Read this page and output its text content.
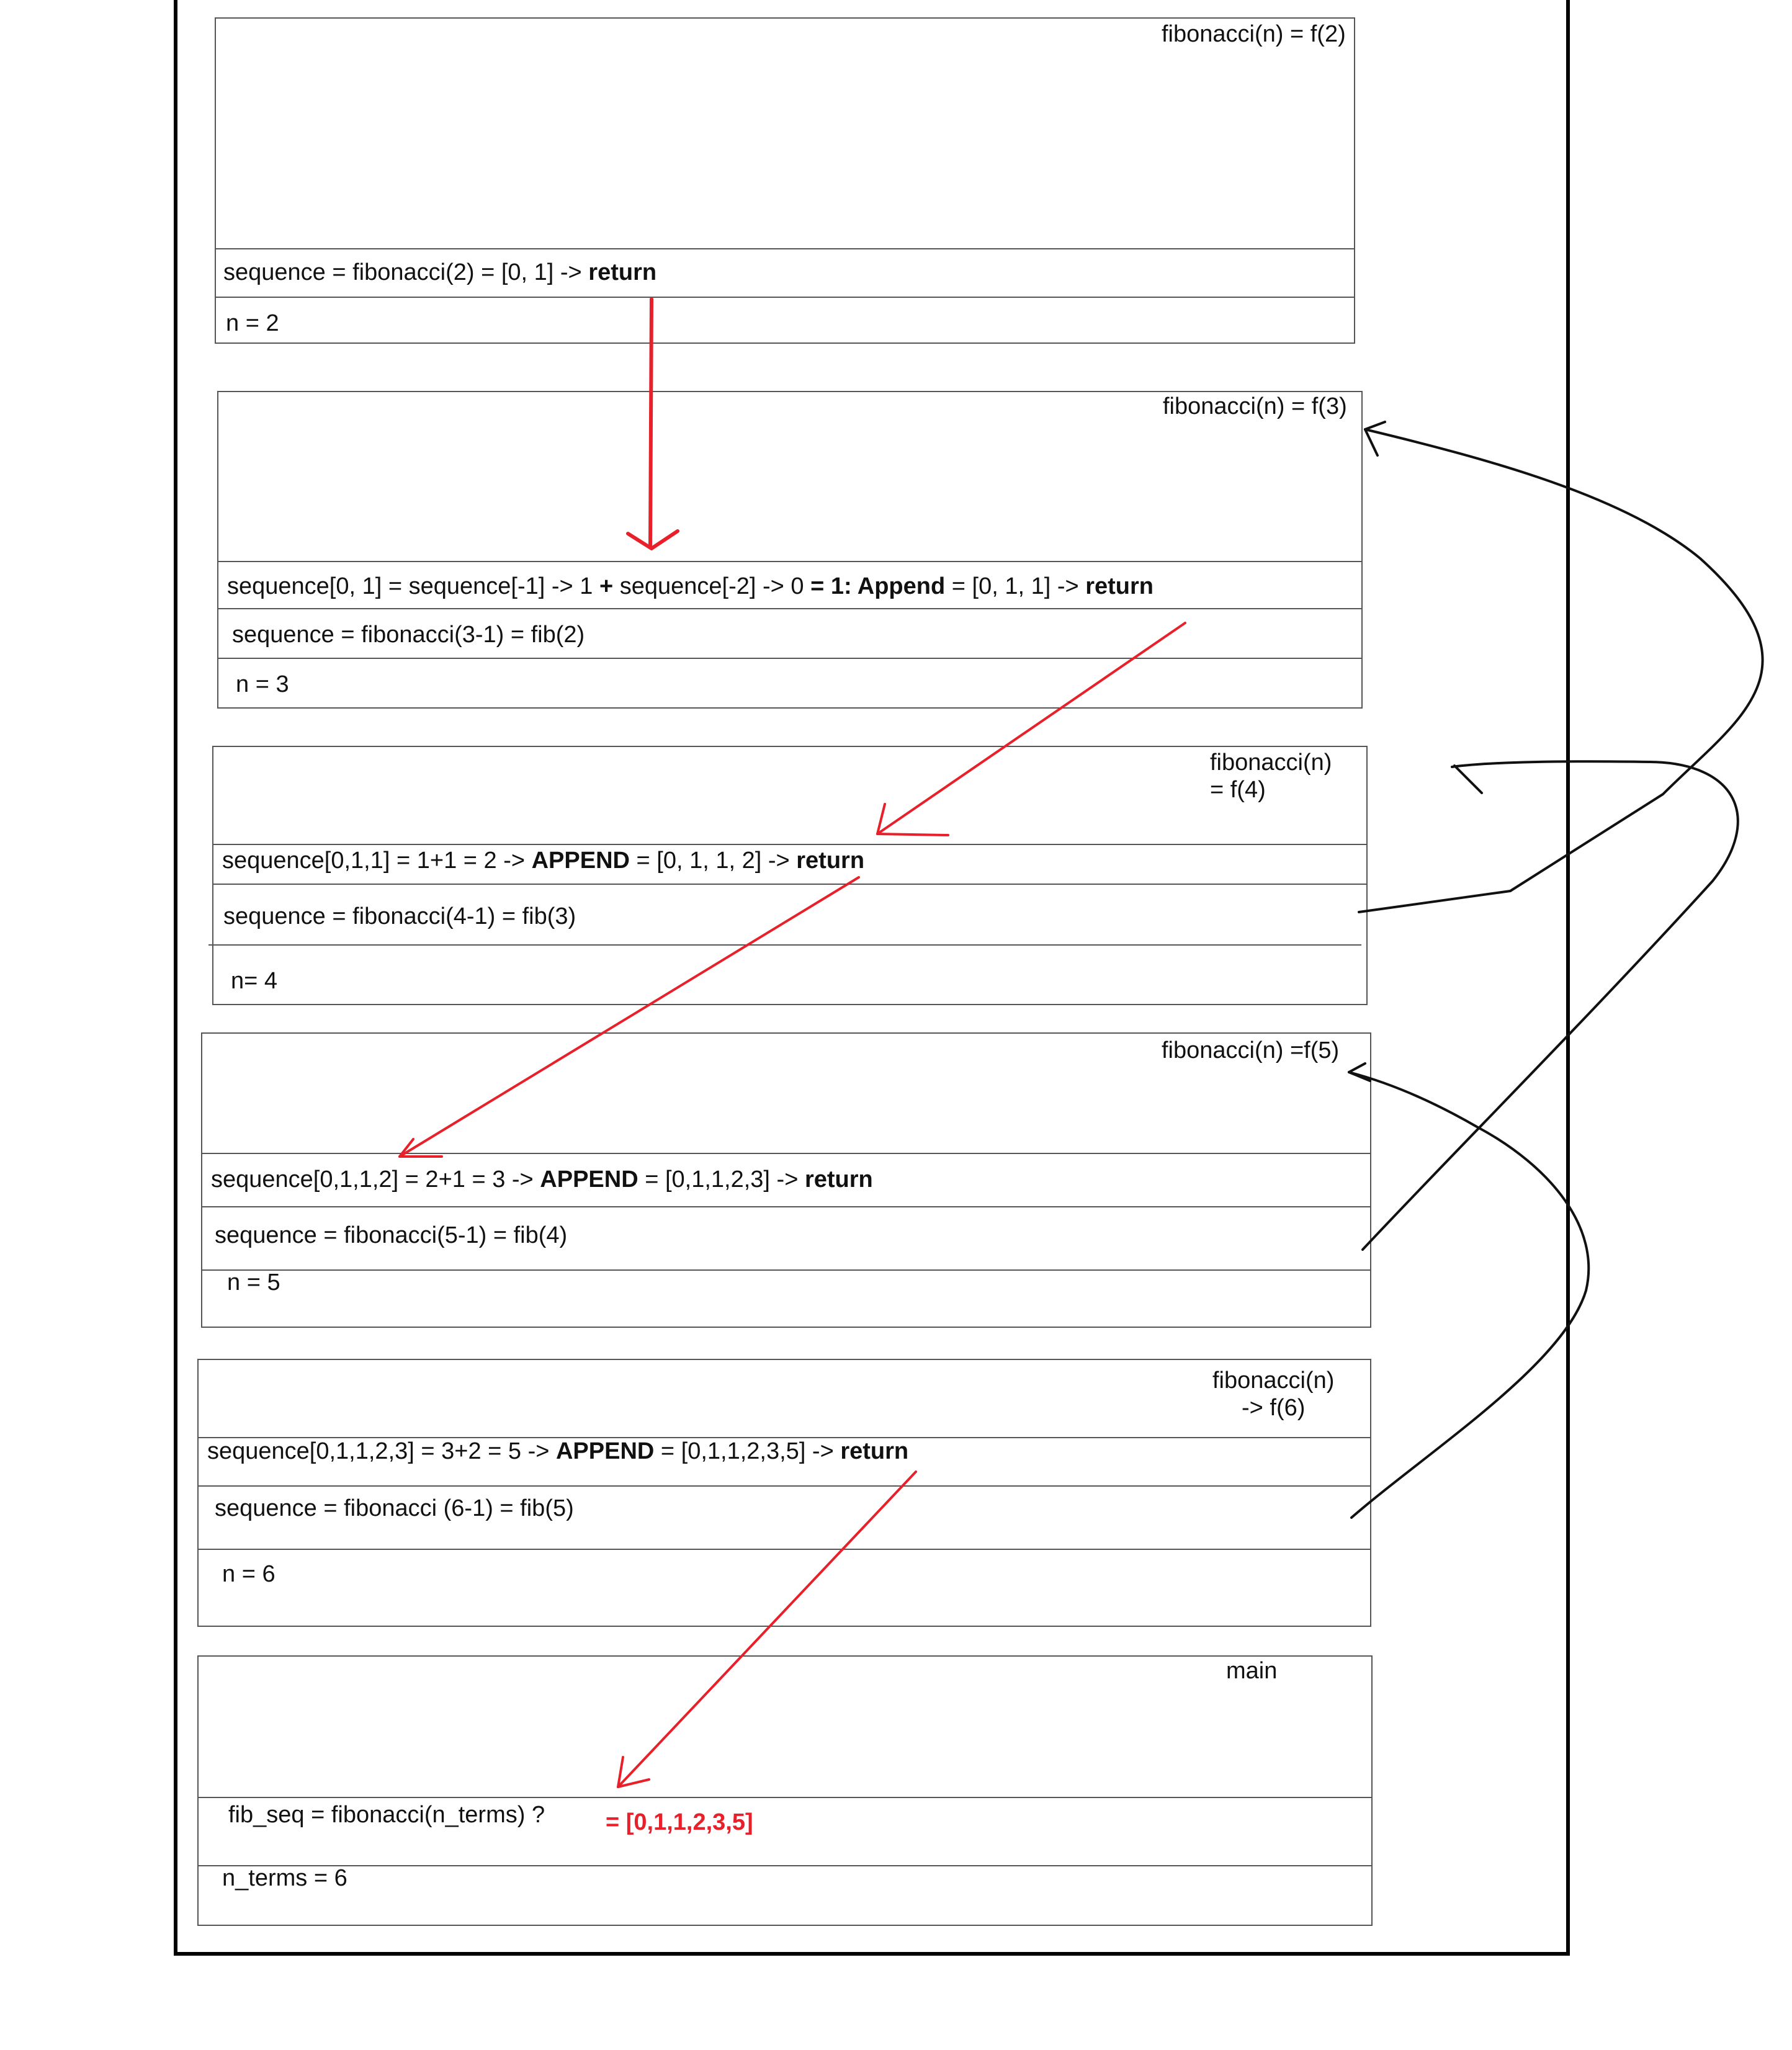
fibonacci(n) = f(2)
sequence = fibonacci(2) = [0, 1] -> return
n = 2
fibonacci(n) = f(3)
sequence[0, 1] = sequence[-1] -> 1 + sequence[-2] -> 0 = 1: Append = [0, 1, 1] -> return
sequence = fibonacci(3-1) = fib(2)
n = 3
fibonacci(n)
= f(4)
sequence[0,1,1] = 1+1 = 2 -> APPEND = [0, 1, 1, 2] -> return
sequence = fibonacci(4-1) = fib(3)
n= 4
fibonacci(n) =f(5)
sequence[0,1,1,2] = 2+1 = 3 -> APPEND = [0,1,1,2,3] -> return
sequence = fibonacci(5-1) = fib(4)
n = 5
fibonacci(n)
-> f(6)
sequence[0,1,1,2,3] = 3+2 = 5 -> APPEND = [0,1,1,2,3,5] -> return
sequence = fibonacci (6-1) = fib(5)
n = 6
main
fib_seq = fibonacci(n_terms) ?	= [0,1,1,2,3,5]
n_terms = 6
